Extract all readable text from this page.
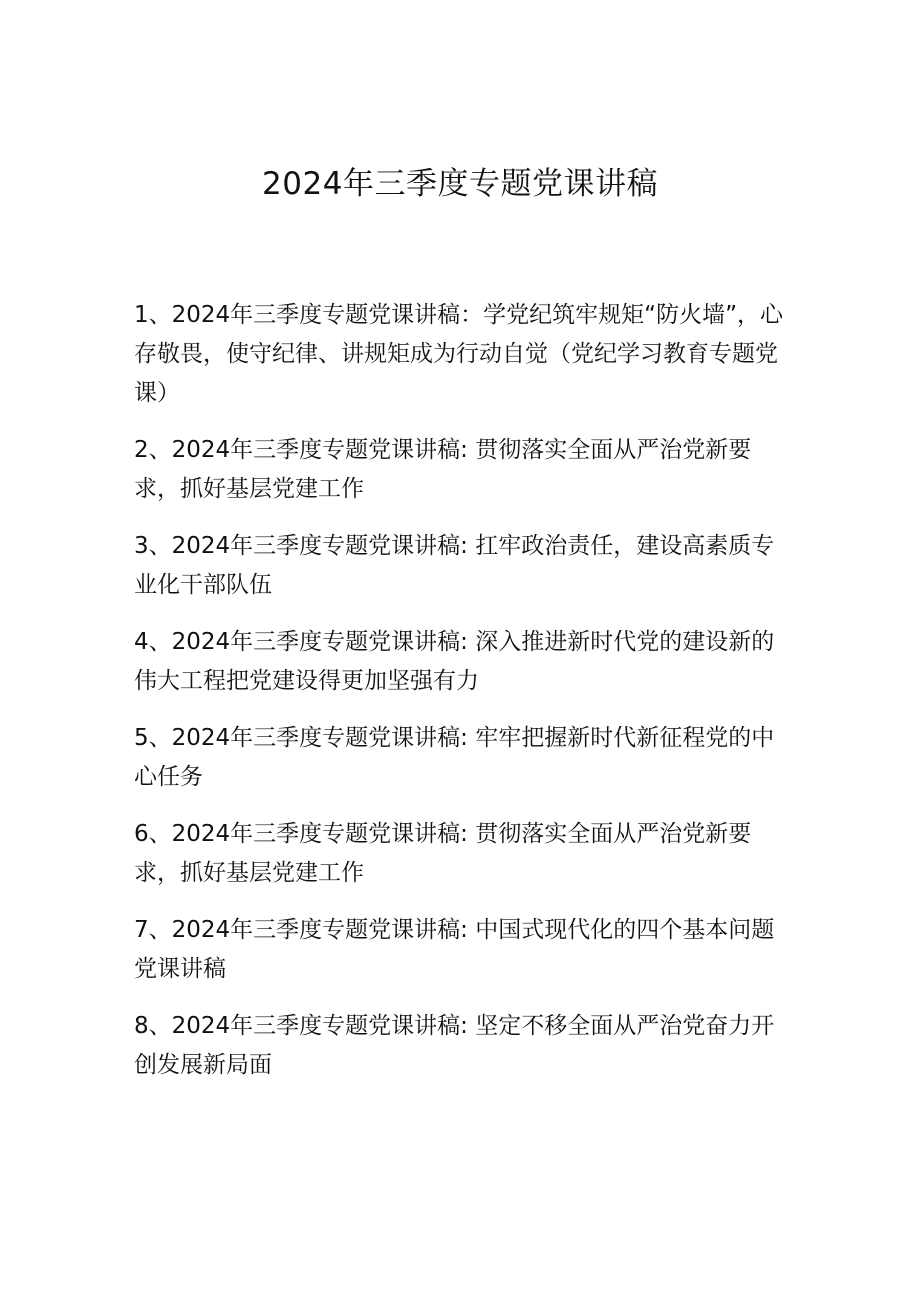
2024年三季度专题党课讲稿
1、2024年三季度专题党课讲稿：学党纪筑牢规矩“防火墙”，心存敬畏，使守纪律、讲规矩成为行动自觉（党纪学习教育专题党课）
2、2024年三季度专题党课讲稿: 贯彻落实全面从严治党新要求，抓好基层党建工作
3、2024年三季度专题党课讲稿: 扛牢政治责任，建设高素质专业化干部队伍
4、2024年三季度专题党课讲稿: 深入推进新时代党的建设新的伟大工程把党建设得更加坚强有力
5、2024年三季度专题党课讲稿: 牢牢把握新时代新征程党的中心任务
6、2024年三季度专题党课讲稿: 贯彻落实全面从严治党新要求，抓好基层党建工作
7、2024年三季度专题党课讲稿: 中国式现代化的四个基本问题党课讲稿
8、2024年三季度专题党课讲稿: 坚定不移全面从严治党奋力开创发展新局面
